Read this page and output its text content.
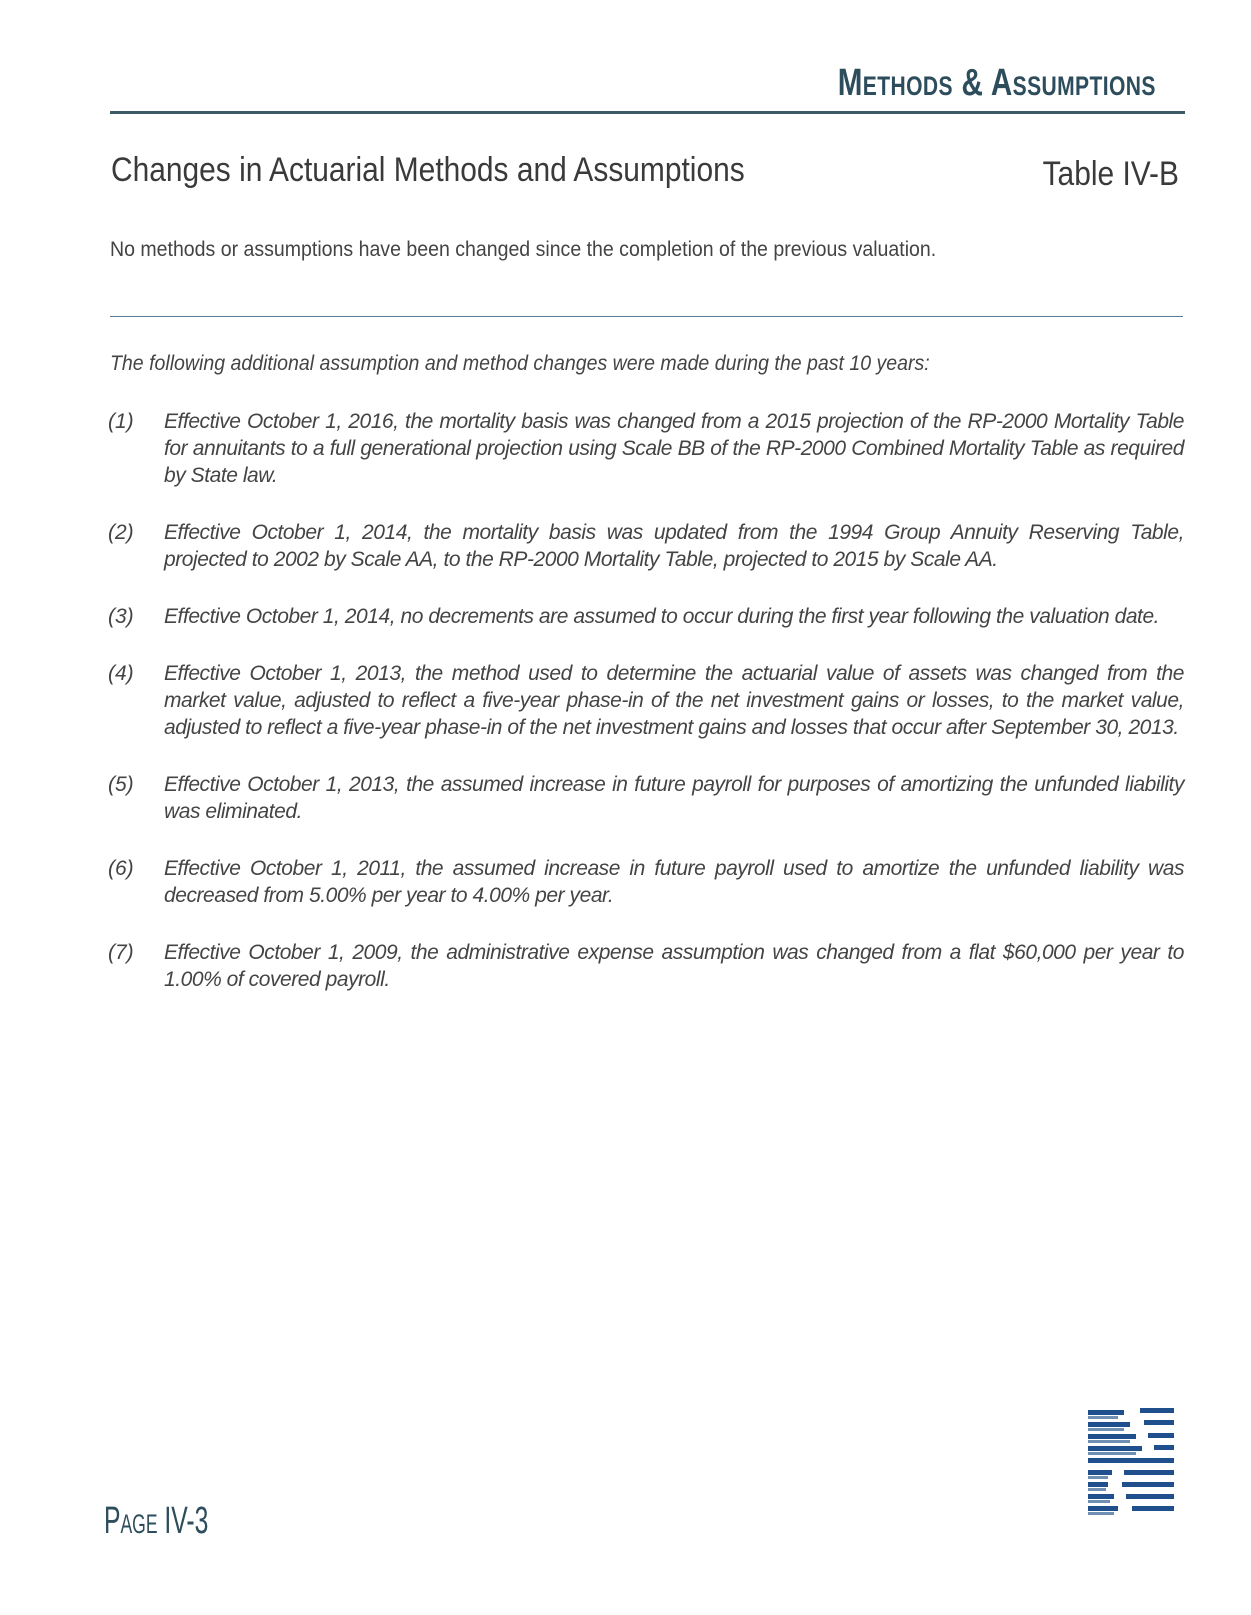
Methods & Assumptions
Changes in Actuarial Methods and Assumptions	Table IV-B
No methods or assumptions have been changed since the completion of the previous valuation.
The following additional assumption and method changes were made during the past 10 years:
(1)	Effective October 1, 2016, the mortality basis was changed from a 2015 projection of the RP-2000 Mortality Table for annuitants to a full generational projection using Scale BB of the RP-2000 Combined Mortality Table as required by State law.
(2)	Effective October 1, 2014, the mortality basis was updated from the 1994 Group Annuity Reserving Table, projected to 2002 by Scale AA, to the RP-2000 Mortality Table, projected to 2015 by Scale AA.
(3)	Effective October 1, 2014, no decrements are assumed to occur during the first year following the valuation date.
(4)	Effective October 1, 2013, the method used to determine the actuarial value of assets was changed from the market value, adjusted to reflect a five-year phase-in of the net investment gains or losses, to the market value, adjusted to reflect a five-year phase-in of the net investment gains and losses that occur after September 30, 2013.
(5)	Effective October 1, 2013, the assumed increase in future payroll for purposes of amortizing the unfunded liability was eliminated.
(6)	Effective October 1, 2011, the assumed increase in future payroll used to amortize the unfunded liability was decreased from 5.00% per year to 4.00% per year.
(7)	Effective October 1, 2009, the administrative expense assumption was changed from a flat $60,000 per year to 1.00% of covered payroll.
Page IV-3
